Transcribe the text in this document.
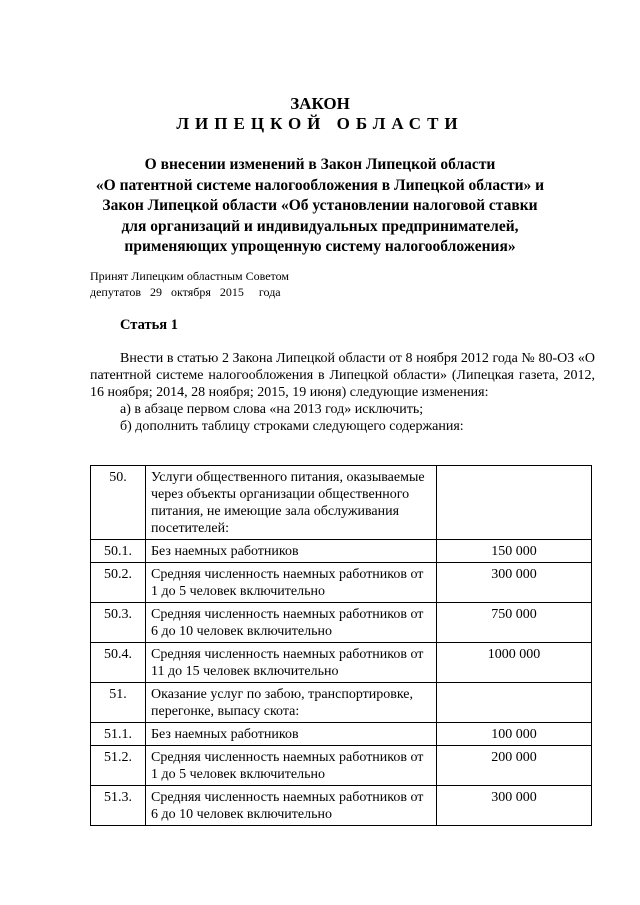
ЗАКОН
ЛИПЕЦКОЙ ОБЛАСТИ
О внесении изменений в Закон Липецкой области
«О патентной системе налогообложения в Липецкой области» и
Закон Липецкой области «Об установлении налоговой ставки
для организаций и индивидуальных предпринимателей,
применяющих упрощенную систему налогообложения»
Принят Липецким областным Советом
депутатов   29   октября   2015     года
Статья 1
Внести в статью 2 Закона Липецкой области от 8 ноября 2012 года № 80-ОЗ «О патентной системе налогообложения в Липецкой области» (Липецкая газета, 2012, 16 ноября; 2014, 28 ноября; 2015, 19 июня) следующие изменения:
а) в абзаце первом слова «на 2013 год» исключить;
б) дополнить таблицу строками следующего содержания:
50.	Услуги общественного питания, оказываемые через объекты организации общественного питания, не имеющие зала обслуживания посетителей:	
50.1.	Без наемных работников	150 000
50.2.	Средняя численность наемных работников от 1 до 5 человек включительно	300 000
50.3.	Средняя численность наемных работников от 6 до 10 человек включительно	750 000
50.4.	Средняя численность наемных работников от 11 до 15 человек включительно	1000 000
51.	Оказание услуг по забою, транспортировке, перегонке, выпасу скота:	
51.1.	Без наемных работников	100 000
51.2.	Средняя численность наемных работников от 1 до 5 человек включительно	200 000
51.3.	Средняя численность наемных работников от 6 до 10 человек включительно	300 000
